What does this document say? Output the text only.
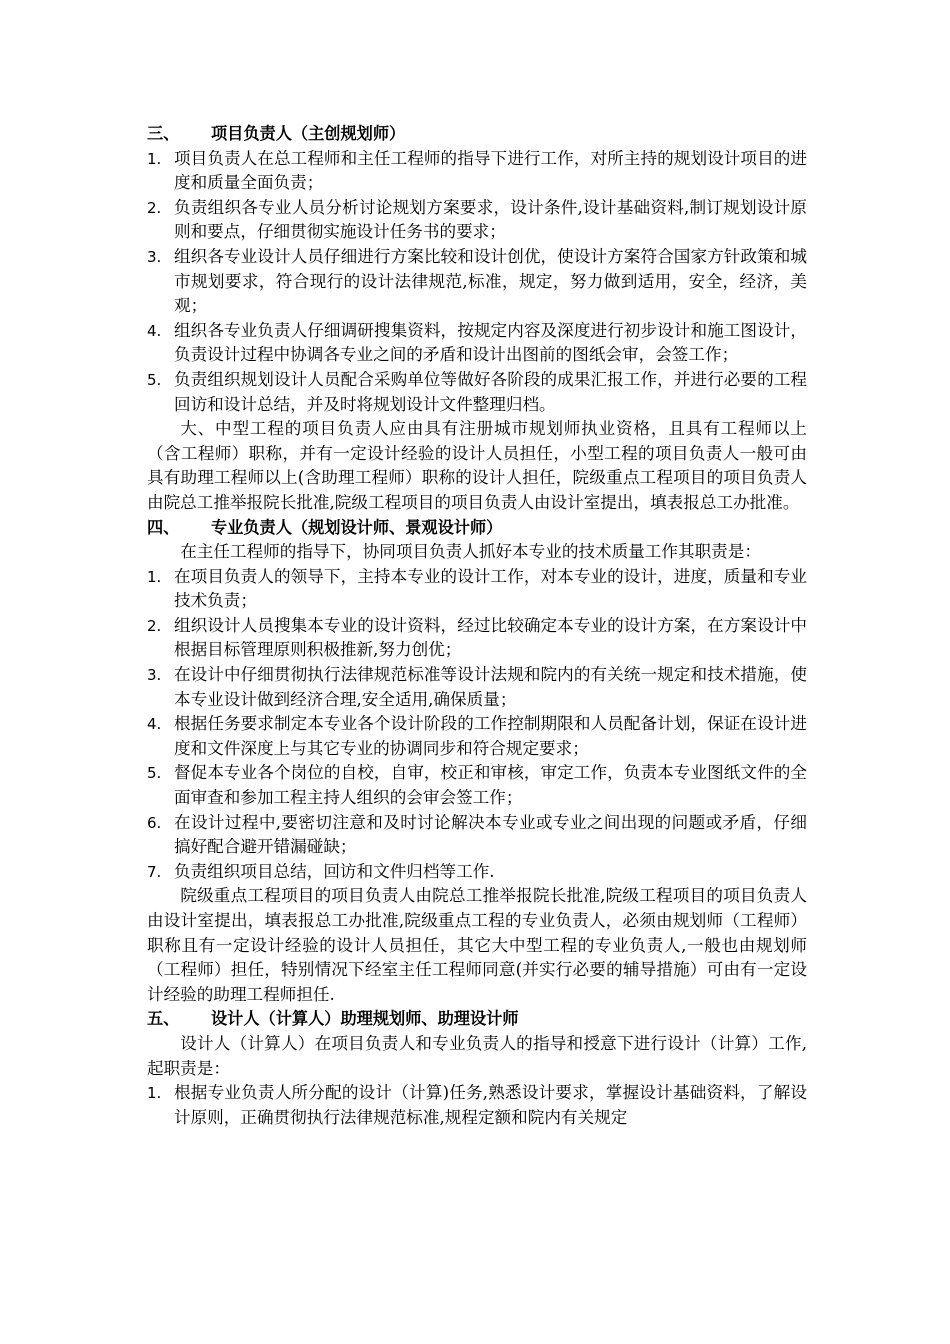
三、 项目负责人（主创规划师）
1. 项目负责人在总工程师和主任工程师的指导下进行工作，对所主持的规划设计项目的进度和质量全面负责；
2. 负责组织各专业人员分析讨论规划方案要求，设计条件,设计基础资料,制订规划设计原则和要点，仔细贯彻实施设计任务书的要求；
3. 组织各专业设计人员仔细进行方案比较和设计创优，使设计方案符合国家方针政策和城市规划要求，符合现行的设计法律规范,标准，规定，努力做到适用，安全，经济，美观；
4. 组织各专业负责人仔细调研搜集资料，按规定内容及深度进行初步设计和施工图设计，负责设计过程中协调各专业之间的矛盾和设计出图前的图纸会审，会签工作；
5. 负责组织规划设计人员配合采购单位等做好各阶段的成果汇报工作，并进行必要的工程回访和设计总结，并及时将规划设计文件整理归档。

大、中型工程的项目负责人应由具有注册城市规划师执业资格，且具有工程师以上（含工程师）职称，并有一定设计经验的设计人员担任，小型工程的项目负责人一般可由具有助理工程师以上(含助理工程师）职称的设计人担任，院级重点工程项目的项目负责人由院总工推举报院长批准,院级工程项目的项目负责人由设计室提出，填表报总工办批准。

四、 专业负责人（规划设计师、景观设计师）

在主任工程师的指导下，协同项目负责人抓好本专业的技术质量工作其职责是：

1. 在项目负责人的领导下，主持本专业的设计工作，对本专业的设计，进度，质量和专业技术负责；
2. 组织设计人员搜集本专业的设计资料，经过比较确定本专业的设计方案，在方案设计中根据目标管理原则积极推新,努力创优；
3. 在设计中仔细贯彻执行法律规范标准等设计法规和院内的有关统一规定和技术措施，使本专业设计做到经济合理,安全适用,确保质量；
4. 根据任务要求制定本专业各个设计阶段的工作控制期限和人员配备计划，保证在设计进度和文件深度上与其它专业的协调同步和符合规定要求；
5. 督促本专业各个岗位的自校，自审，校正和审核，审定工作，负责本专业图纸文件的全面审查和参加工程主持人组织的会审会签工作；
6. 在设计过程中,要密切注意和及时讨论解决本专业或专业之间出现的问题或矛盾，仔细搞好配合避开错漏碰缺；
7. 负责组织项目总结，回访和文件归档等工作.

院级重点工程项目的项目负责人由院总工推举报院长批准,院级工程项目的项目负责人由设计室提出，填表报总工办批准,院级重点工程的专业负责人，必须由规划师（工程师）职称且有一定设计经验的设计人员担任，其它大中型工程的专业负责人,一般也由规划师（工程师）担任，特别情况下经室主任工程师同意(并实行必要的辅导措施）可由有一定设计经验的助理工程师担任.

五、 设计人（计算人）助理规划师、助理设计师

设计人（计算人）在项目负责人和专业负责人的指导和授意下进行设计（计算）工作,起职责是：

1. 根据专业负责人所分配的设计（计算)任务,熟悉设计要求，掌握设计基础资料，了解设计原则，正确贯彻执行法律规范标准,规程定额和院内有关规定
